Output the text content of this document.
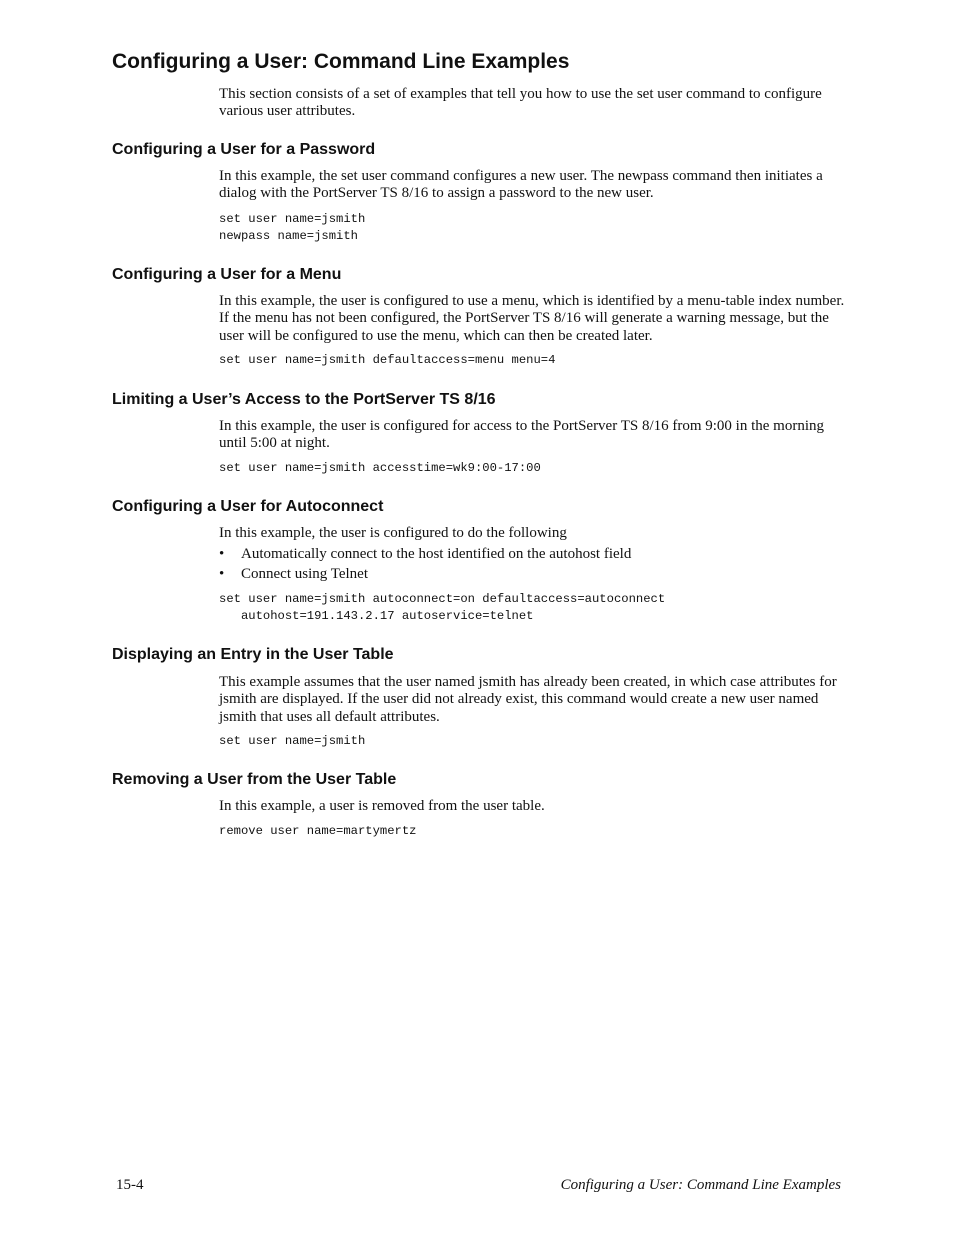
Configuring a User: Command Line Examples

This section consists of a set of examples that tell you how to use the set user command to configure various user attributes.

Configuring a User for a Password

In this example, the set user command configures a new user. The newpass command then initiates a dialog with the PortServer TS 8/16 to assign a password to the new user.

set user name=jsmith
newpass name=jsmith
Configuring a User for a Menu

In this example, the user is configured to use a menu, which is identified by a menu-table index number. If the menu has not been configured, the PortServer TS 8/16 will generate a warning message, but the user will be configured to use the menu, which can then be created later.

set user name=jsmith defaultaccess=menu menu=4
Limiting a User’s Access to the PortServer TS 8/16

In this example, the user is configured for access to the PortServer TS 8/16 from 9:00 in the morning until 5:00 at night.

set user name=jsmith accesstime=wk9:00-17:00
Configuring a User for Autoconnect

In this example, the user is configured to do the following

• Automatically connect to the host identified on the autohost field
• Connect using Telnet
set user name=jsmith autoconnect=on defaultaccess=autoconnect
autohost=191.143.2.17 autoservice=telnet
Displaying an Entry in the User Table

This example assumes that the user named jsmith has already been created, in which case attributes for jsmith are displayed. If the user did not already exist, this command would create a new user named jsmith that uses all default attributes.

set user name=jsmith
Removing a User from the User Table

In this example, a user is removed from the user table.

remove user name=martymertz
15-4	Configuring a User: Command Line Examples
